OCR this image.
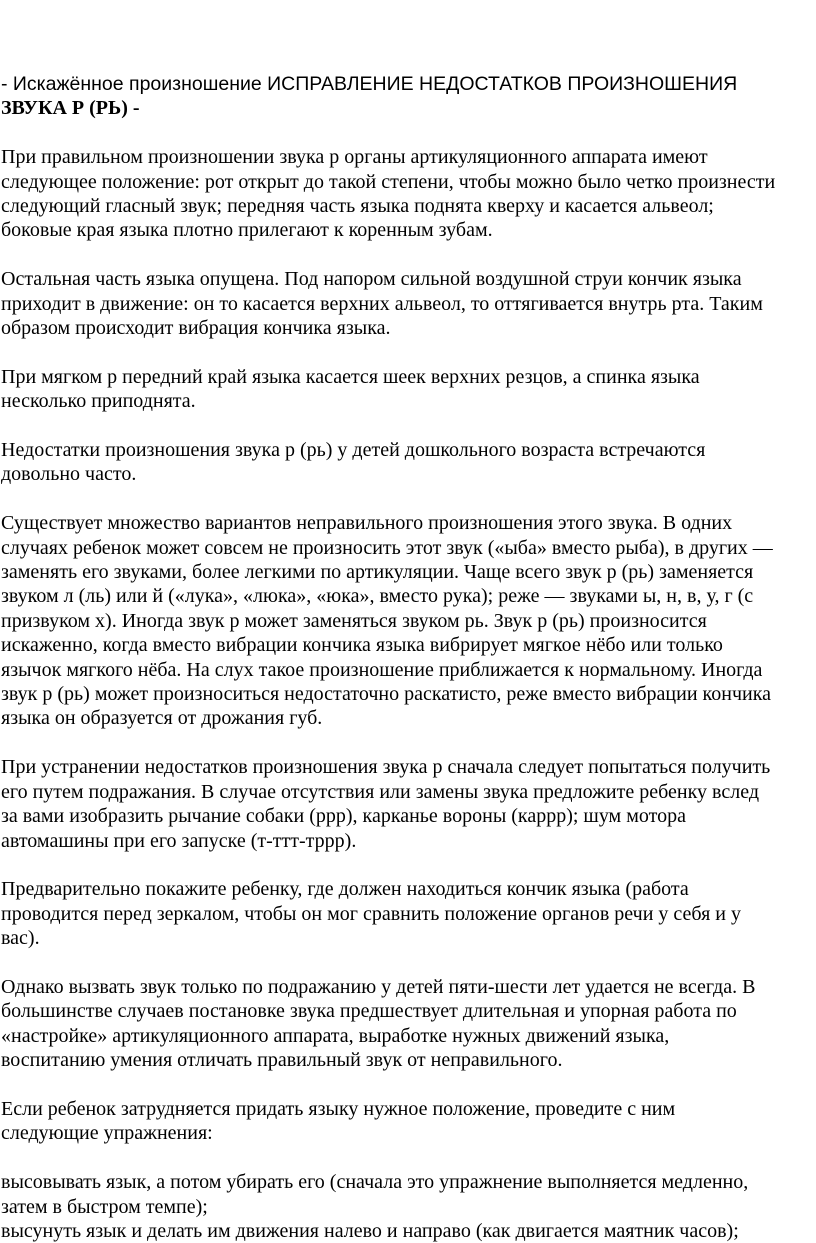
- Искажённое произношение ИСПРАВЛЕНИЕ НЕДОСТАТКОВ ПРОИЗНОШЕНИЯ
ЗВУКА Р (РЬ) -
При правильном произношении звука р органы артикуляционного аппарата имеют
следующее положение: рот открыт до такой степени, чтобы можно было четко произнести
следующий гласный звук; передняя часть языка поднята кверху и касается альвеол;
боковые края языка плотно прилегают к коренным зубам.
Остальная часть языка опущена. Под напором сильной воздушной струи кончик языка
приходит в движение: он то касается верхних альвеол, то оттягивается внутрь рта. Таким
образом происходит вибрация кончика языка.
При мягком р передний край языка касается шеек верхних резцов, а спинка языка
несколько приподнята.
Недостатки произношения звука р (рь) у детей дошкольного возраста встречаются
довольно часто.
Существует множество вариантов неправильного произношения этого звука. В одних
случаях ребенок может совсем не произносить этот звук («ыба» вместо рыба), в других —
заменять его звуками, более легкими по артикуляции. Чаще всего звук р (рь) заменяется
звуком л (ль) или й («лука», «люка», «юка», вместо рука); реже — звуками ы, н, в, у, г (с
призвуком х). Иногда звук р может заменяться звуком рь. Звук р (рь) произносится
искаженно, когда вместо вибрации кончика языка вибрирует мягкое нёбо или только
язычок мягкого нёба. На слух такое произношение приближается к нормальному. Иногда
звук р (рь) может произноситься недостаточно раскатисто, реже вместо вибрации кончика
языка он образуется от дрожания губ.
При устранении недостатков произношения звука р сначала следует попытаться получить
его путем подражания. В случае отсутствия или замены звука предложите ребенку вслед
за вами изобразить рычание собаки (ррр), карканье вороны (каррр); шум мотора
автомашины при его запуске (т-ттт-тррр).
Предварительно покажите ребенку, где должен находиться кончик языка (работа
проводится перед зеркалом, чтобы он мог сравнить положение органов речи у себя и у
вас).
Однако вызвать звук только по подражанию у детей пяти-шести лет удается не всегда. В
большинстве случаев постановке звука предшествует длительная и упорная работа по
«настройке» артикуляционного аппарата, выработке нужных движений языка,
воспитанию умения отличать правильный звук от неправильного.
Если ребенок затрудняется придать языку нужное положение, проведите с ним
следующие упражнения:
высовывать язык, а потом убирать его (сначала это упражнение выполняется медленно,
затем в быстром темпе);
высунуть язык и делать им движения налево и направо (как двигается маятник часов);
